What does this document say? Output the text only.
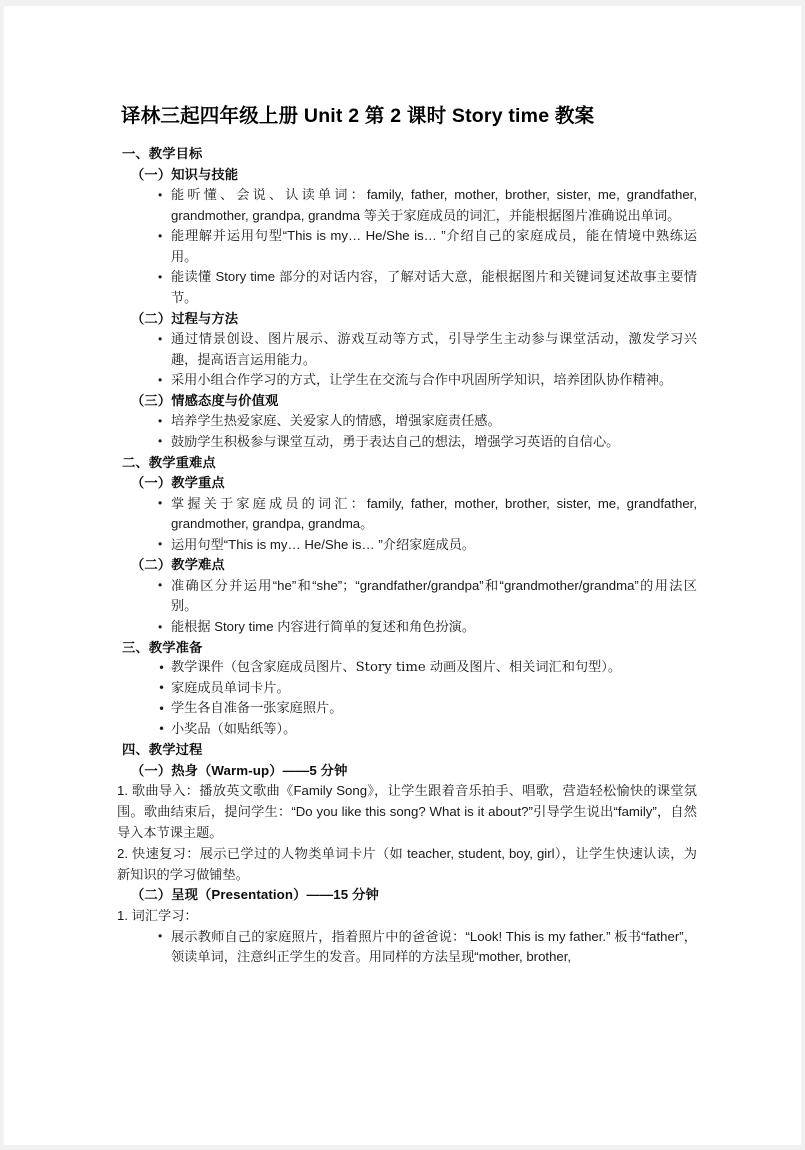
译林三起四年级上册 Unit 2 第 2 课时 Story time 教案
一、教学目标
（一）知识与技能
• 能听懂、会说、认读单词：family, father, mother, brother, sister, me, grandfather, grandmother, grandpa, grandma 等关于家庭成员的词汇，并能根据图片准确说出单词。
• 能理解并运用句型“This is my… He/She is… ”介绍自己的家庭成员，能在情境中熟练运用。
• 能读懂 Story time 部分的对话内容，了解对话大意，能根据图片和关键词复述故事主要情节。
（二）过程与方法
• 通过情景创设、图片展示、游戏互动等方式，引导学生主动参与课堂活动，激发学习兴趣，提高语言运用能力。
• 采用小组合作学习的方式，让学生在交流与合作中巩固所学知识，培养团队协作精神。
（三）情感态度与价值观
• 培养学生热爱家庭、关爱家人的情感，增强家庭责任感。
• 鼓励学生积极参与课堂互动，勇于表达自己的想法，增强学习英语的自信心。
二、教学重难点
（一）教学重点
• 掌握关于家庭成员的词汇：family, father, mother, brother, sister, me, grandfather, grandmother, grandpa, grandma。
• 运用句型“This is my… He/She is… ”介绍家庭成员。
（二）教学难点
• 准确区分并运用“he”和“she”；“grandfather/grandpa”和“grandmother/grandma”的用法区别。
• 能根据 Story time 内容进行简单的复述和角色扮演。
三、教学准备
• 教学课件（包含家庭成员图片、Story time 动画及图片、相关词汇和句型）。
• 家庭成员单词卡片。
• 学生各自准备一张家庭照片。
• 小奖品（如贴纸等）。
四、教学过程
（一）热身（Warm-up）——5 分钟

1. 歌曲导入：播放英文歌曲《Family Song》，让学生跟着音乐拍手、唱歌，营造轻松愉快的课堂氛围。歌曲结束后，提问学生：“Do you like this song? What is it about?”引导学生说出“family”，自然导入本节课主题。

2. 快速复习：展示已学过的人物类单词卡片（如 teacher, student, boy, girl），让学生快速认读，为新知识的学习做铺垫。

（二）呈现（Presentation）——15 分钟

1. 词汇学习：

• 展示教师自己的家庭照片，指着照片中的爸爸说：“Look! This is my father.” 板书“father”，领读单词，注意纠正学生的发音。用同样的方法呈现“mother, brother,
